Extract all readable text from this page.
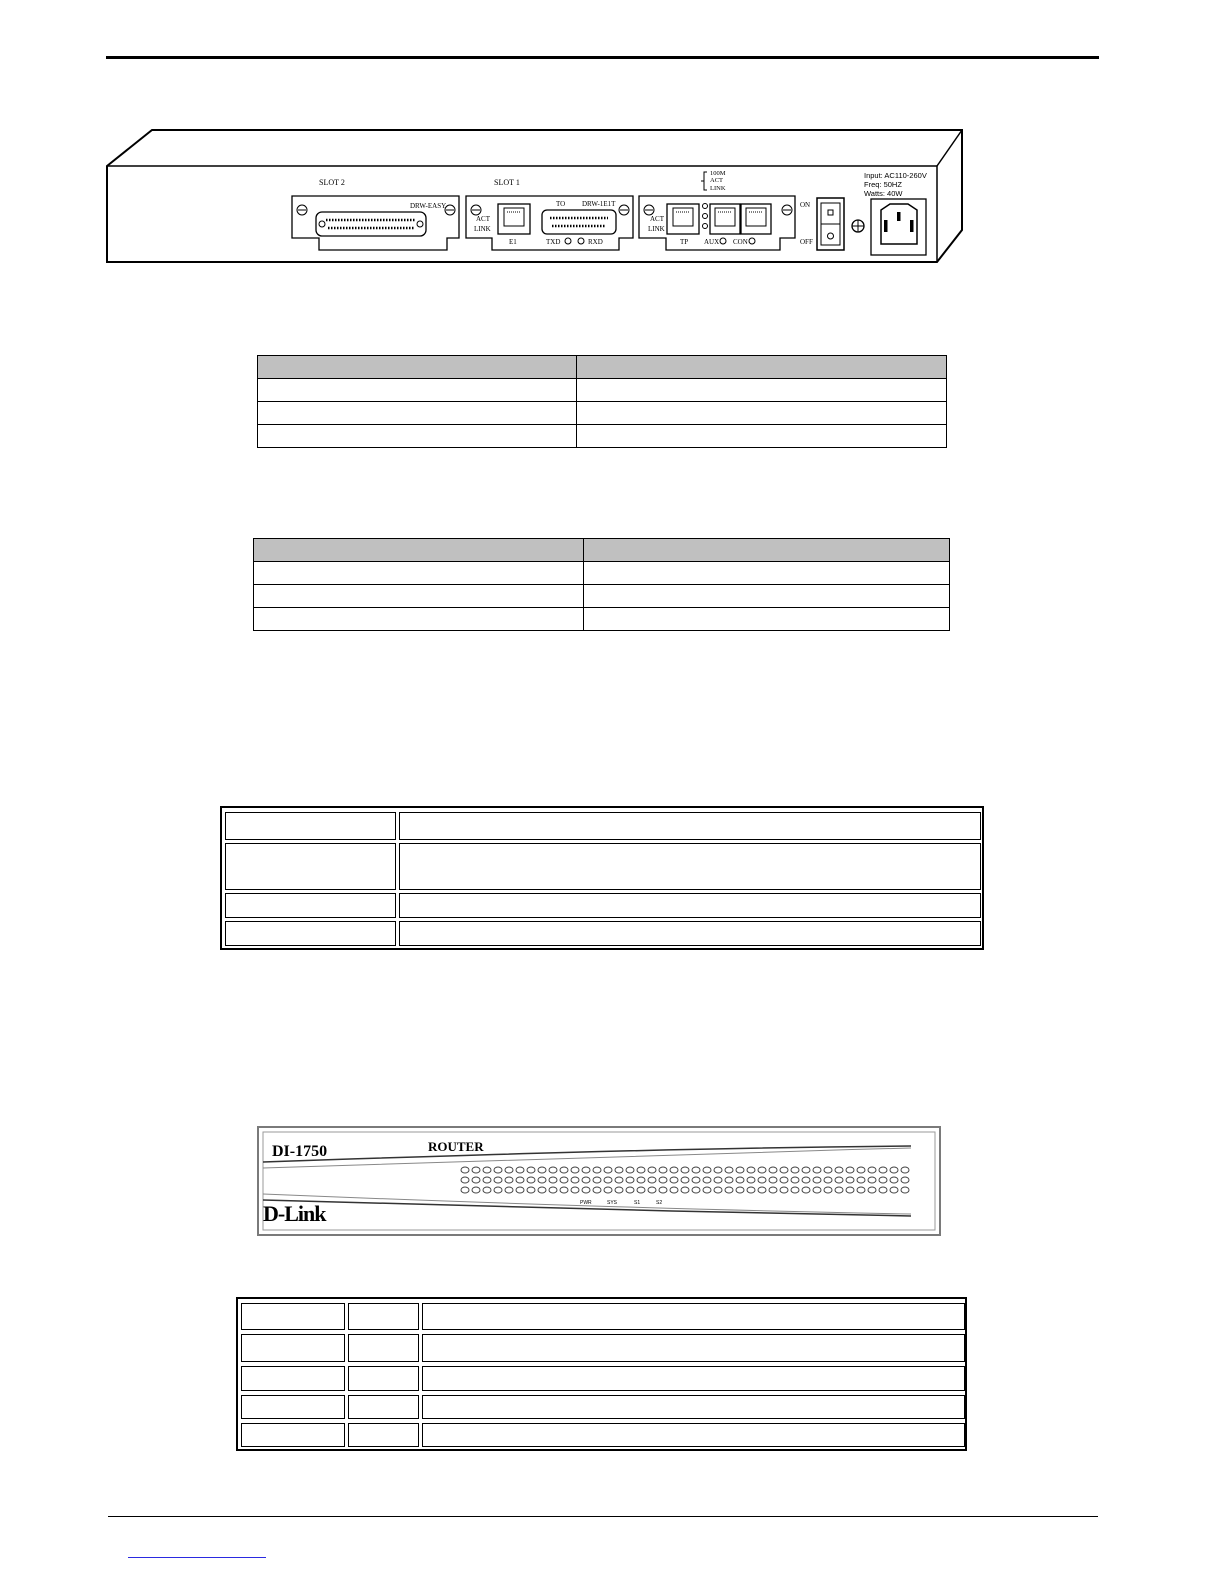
SLOT 2
DRW-EASY
SLOT 1
ACT
LINK
E1
TO DRW-1E1T
TXD	RXD
100M
ACT
LINK
ACT
LINK
TP AUX CON
ON
OFF
Input: AC110-260V
Freq: 50HZ
Watts: 40W

DI-1750	ROUTER
D-Link	PWR	SYS	S1	S2
